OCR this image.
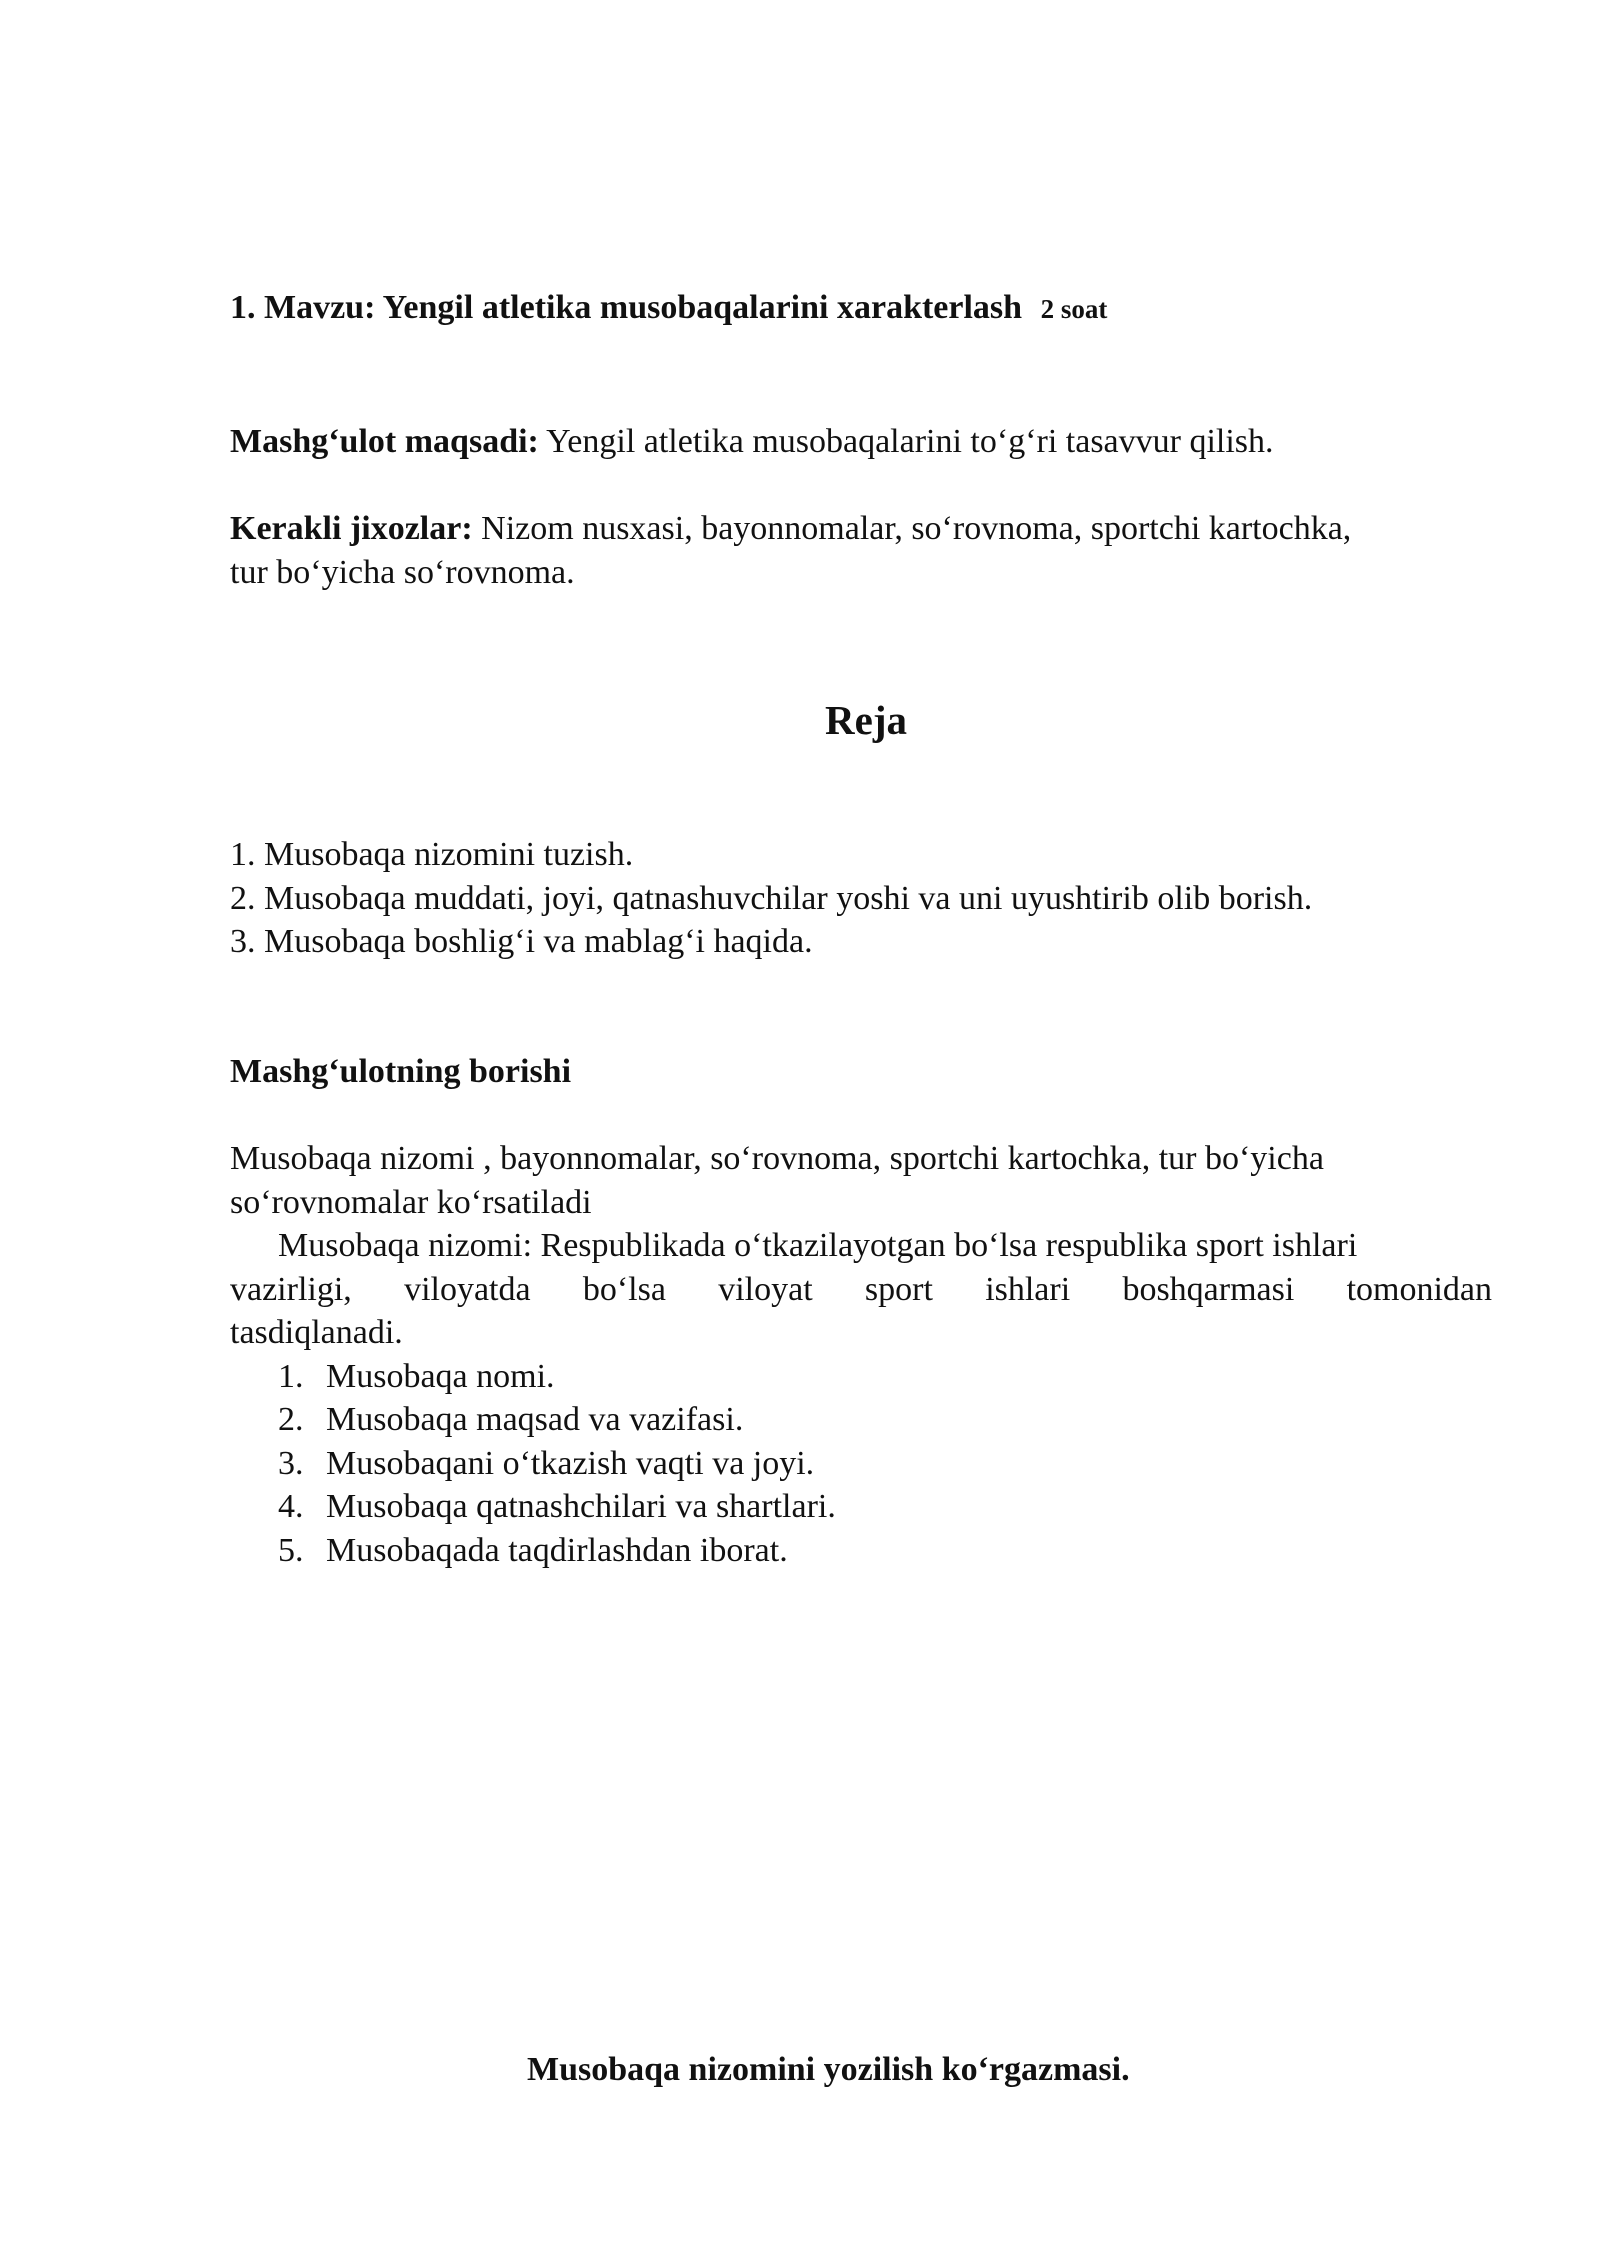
1. Mavzu: Yengil atletika musobaqalarini xarakterlash 2 soat
Mashg‘ulot maqsadi: Yengil atletika musobaqalarini to‘g‘ri tasavvur qilish.
Kerakli jixozlar: Nizom nusxasi, bayonnomalar, so‘rovnoma, sportchi kartochka,
tur bo‘yicha so‘rovnoma.
Reja
1. Musobaqa nizomini tuzish.
2. Musobaqa muddati, joyi, qatnashuvchilar yoshi va uni uyushtirib olib borish.
3. Musobaqa boshlig‘i va mablag‘i haqida.
Mashg‘ulotning borishi
Musobaqa nizomi , bayonnomalar, so‘rovnoma, sportchi kartochka, tur bo‘yicha
so‘rovnomalar ko‘rsatiladi
Musobaqa nizomi: Respublikada o‘tkazilayotgan bo‘lsa respublika sport ishlari
vazirligi, viloyatda bo‘lsa viloyat sport ishlari boshqarmasi tomonidan
tasdiqlanadi.
1. Musobaqa nomi.
2. Musobaqa maqsad va vazifasi.
3. Musobaqani o‘tkazish vaqti va joyi.
4. Musobaqa qatnashchilari va shartlari.
5. Musobaqada taqdirlashdan iborat.
Musobaqa nizomini yozilish ko‘rgazmasi.
